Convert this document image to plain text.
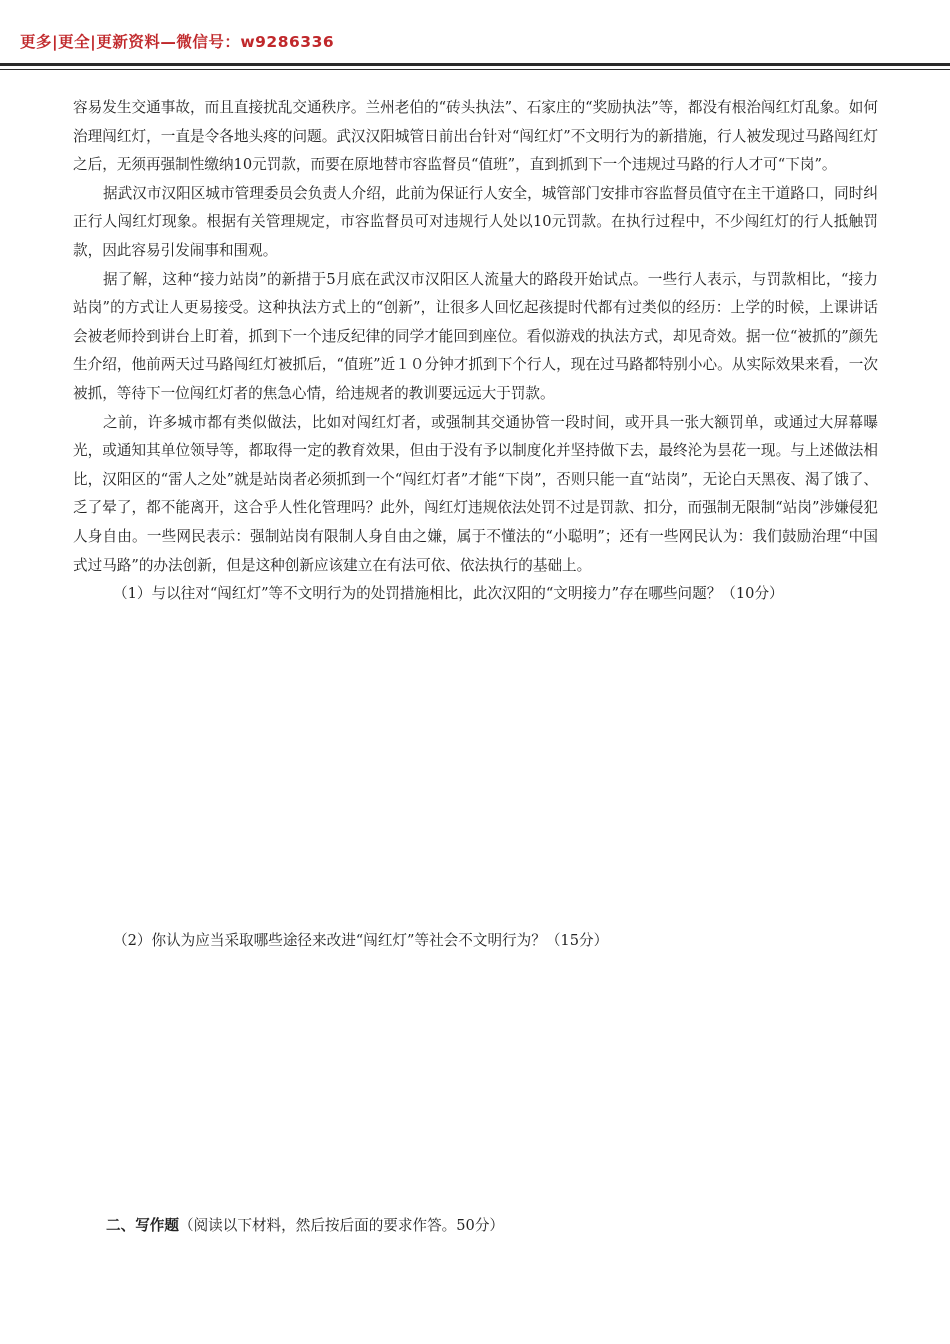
更多|更全|更新资料—微信号：w9286336

容易发生交通事故，而且直接扰乱交通秩序。兰州老伯的“砖头执法”、石家庄的“奖励执法”等，都没有根治闯红灯乱象。如何治理闯红灯，一直是令各地头疼的问题。武汉汉阳城管日前出台针对“闯红灯”不文明行为的新措施，行人被发现过马路闯红灯之后，无须再强制性缴纳10元罚款，而要在原地替市容监督员“值班”，直到抓到下一个违规过马路的行人才可“下岗”。

据武汉市汉阳区城市管理委员会负责人介绍，此前为保证行人安全，城管部门安排市容监督员值守在主干道路口，同时纠正行人闯红灯现象。根据有关管理规定，市容监督员可对违规行人处以10元罚款。在执行过程中，不少闯红灯的行人抵触罚款，因此容易引发闹事和围观。

据了解，这种“接力站岗”的新措于5月底在武汉市汉阳区人流量大的路段开始试点。一些行人表示，与罚款相比，“接力站岗”的方式让人更易接受。这种执法方式上的“创新”，让很多人回忆起孩提时代都有过类似的经历：上学的时候，上课讲话会被老师拎到讲台上盯着，抓到下一个违反纪律的同学才能回到座位。看似游戏的执法方式，却见奇效。据一位“被抓的”颜先生介绍，他前两天过马路闯红灯被抓后，“值班”近１０分钟才抓到下个行人，现在过马路都特别小心。从实际效果来看，一次被抓，等待下一位闯红灯者的焦急心情，给违规者的教训要远远大于罚款。

之前，许多城市都有类似做法，比如对闯红灯者，或强制其交通协管一段时间，或开具一张大额罚单，或通过大屏幕曝光，或通知其单位领导等，都取得一定的教育效果，但由于没有予以制度化并坚持做下去，最终沦为昙花一现。与上述做法相比，汉阳区的“雷人之处”就是站岗者必须抓到一个“闯红灯者”才能“下岗”，否则只能一直“站岗”，无论白天黑夜、渴了饿了、乏了晕了，都不能离开，这合乎人性化管理吗？此外，闯红灯违规依法处罚不过是罚款、扣分，而强制无限制“站岗”涉嫌侵犯人身自由。一些网民表示：强制站岗有限制人身自由之嫌，属于不懂法的“小聪明”；还有一些网民认为：我们鼓励治理“中国式过马路”的办法创新，但是这种创新应该建立在有法可依、依法执行的基础上。

（1）与以往对“闯红灯”等不文明行为的处罚措施相比，此次汉阳的“文明接力”存在哪些问题？（10分）

（2）你认为应当采取哪些途径来改进“闯红灯”等社会不文明行为？（15分）
二、写作题（阅读以下材料，然后按后面的要求作答。50分）
